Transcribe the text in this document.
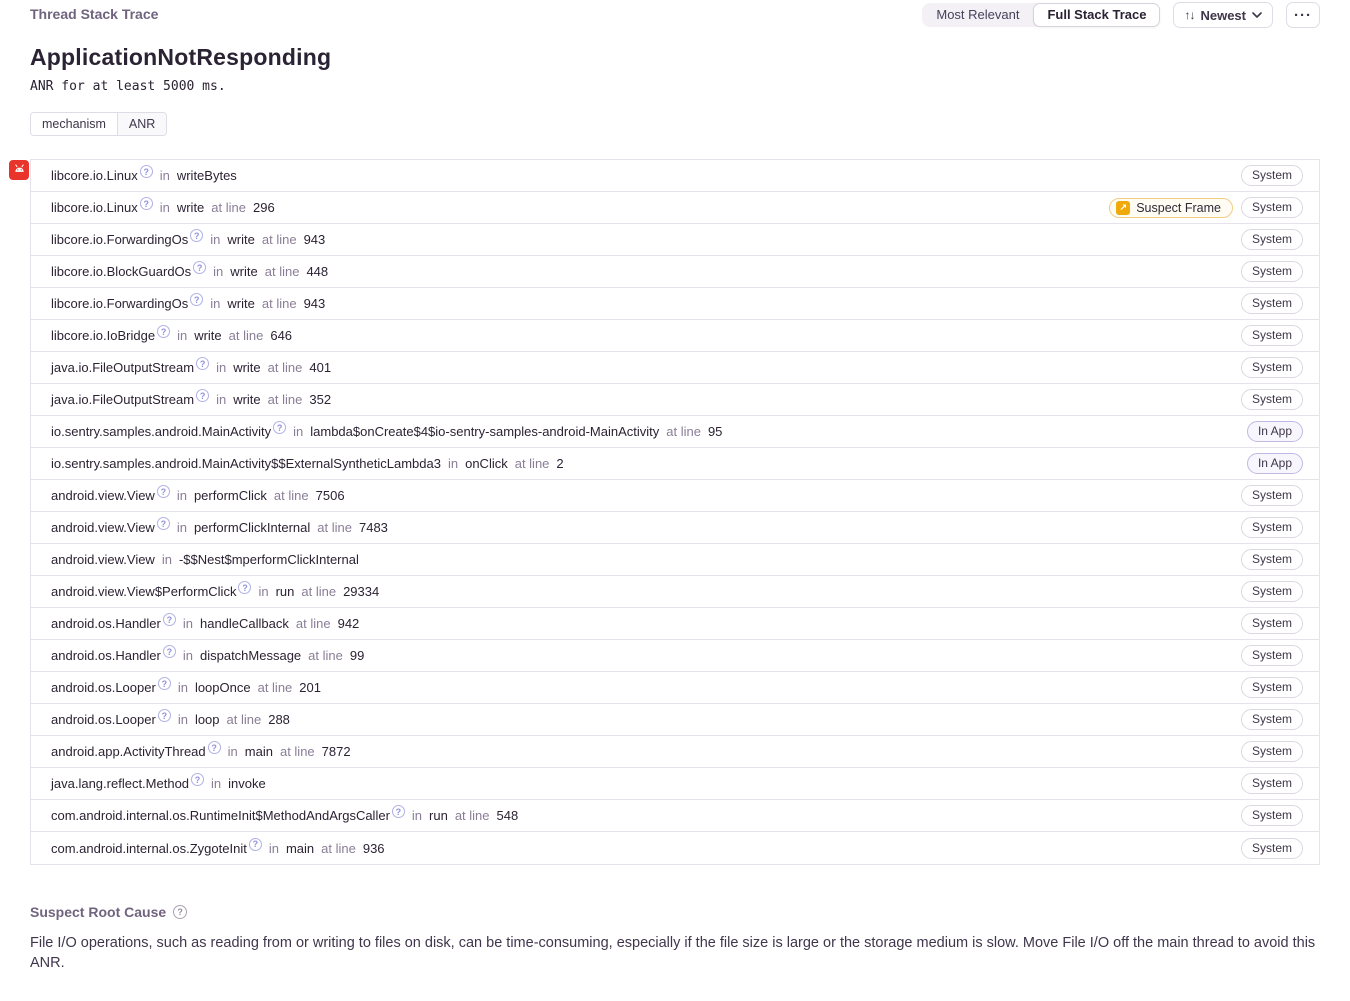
Thread Stack Trace	Most Relevant	Full Stack Trace	↑↓ Newest	···
ApplicationNotResponding
ANR for at least 5000 ms.
mechanism	ANR
libcore.io.Linux ? in writeBytes	System
libcore.io.Linux ? in write at line 296	↗ Suspect Frame	System
libcore.io.ForwardingOs ? in write at line 943	System
libcore.io.BlockGuardOs ? in write at line 448	System
libcore.io.ForwardingOs ? in write at line 943	System
libcore.io.IoBridge ? in write at line 646	System
java.io.FileOutputStream ? in write at line 401	System
java.io.FileOutputStream ? in write at line 352	System
io.sentry.samples.android.MainActivity ? in lambda$onCreate$4$io-sentry-samples-android-MainActivity at line 95	In App
io.sentry.samples.android.MainActivity$$ExternalSyntheticLambda3 in onClick at line 2	In App
android.view.View ? in performClick at line 7506	System
android.view.View ? in performClickInternal at line 7483	System
android.view.View in -$$Nest$mperformClickInternal	System
android.view.View$PerformClick ? in run at line 29334	System
android.os.Handler ? in handleCallback at line 942	System
android.os.Handler ? in dispatchMessage at line 99	System
android.os.Looper ? in loopOnce at line 201	System
android.os.Looper ? in loop at line 288	System
android.app.ActivityThread ? in main at line 7872	System
java.lang.reflect.Method ? in invoke	System
com.android.internal.os.RuntimeInit$MethodAndArgsCaller ? in run at line 548	System
com.android.internal.os.ZygoteInit ? in main at line 936	System
Suspect Root Cause	?
File I/O operations, such as reading from or writing to files on disk, can be time-consuming, especially if the file size is large or the storage medium is slow. Move File I/O off the main thread to avoid this ANR.
